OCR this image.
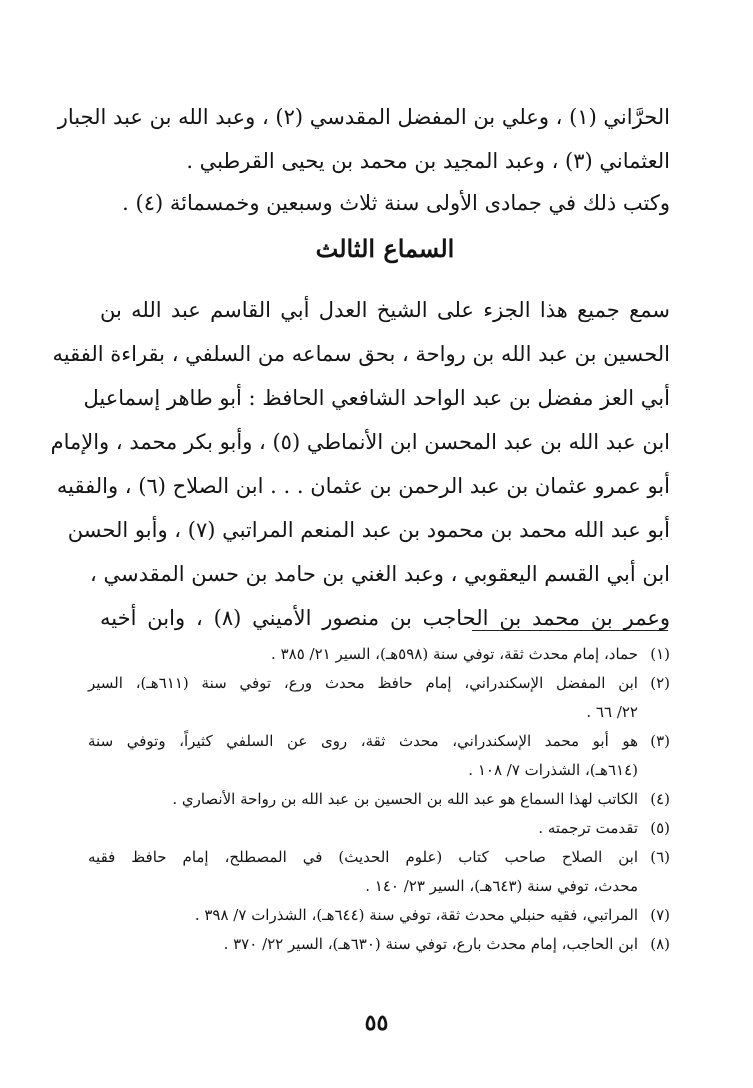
الحرَّاني (١) ، وعلي بن المفضل المقدسي (٢) ، وعبد الله بن عبد الجبار
العثماني (٣) ، وعبد المجيد بن محمد بن يحيى القرطبي .
وكتب ذلك في جمادى الأولى سنة ثلاث وسبعين وخمسمائة (٤) .
السماع الثالث
سمع جميع هذا الجزء على الشيخ العدل أبي القاسم عبد الله بن
الحسين بن عبد الله بن رواحة ، بحق سماعه من السلفي ، بقراءة الفقيه
أبي العز مفضل بن عبد الواحد الشافعي الحافظ : أبو طاهر إسماعيل
ابن عبد الله بن عبد المحسن ابن الأنماطي (٥) ، وأبو بكر محمد ، والإمام
أبو عمرو عثمان بن عبد الرحمن بن عثمان . . . ابن الصلاح (٦) ، والفقيه
أبو عبد الله محمد بن محمود بن عبد المنعم المراتبي (٧) ، وأبو الحسن
ابن أبي القسم اليعقوبي ، وعبد الغني بن حامد بن حسن المقدسي ،
وعمر بن محمد بن الحاجب بن منصور الأميني (٨) ، وابن أخيه
(١)
حماد، إمام محدث ثقة، توفي سنة (٥٩٨هـ)، السير ٢١/ ٣٨٥ .
(٢)
ابن المفضل الإسكندراني، إمام حافظ محدث ورع، توفي سنة (٦١١هـ)، السير
٢٢/ ٦٦ .
(٣)
هو أبو محمد الإسكندراني، محدث ثقة، روى عن السلفي كثيراً، وتوفي سنة
(٦١٤هـ)، الشذرات ٧/ ١٠٨ .
(٤)
الكاتب لهذا السماع هو عبد الله بن الحسين بن عبد الله بن رواحة الأنصاري .
(٥)
تقدمت ترجمته .
(٦)
ابن الصلاح صاحب كتاب (علوم الحديث) في المصطلح، إمام حافظ فقيه
محدث، توفي سنة (٦٤٣هـ)، السير ٢٣/ ١٤٠ .
(٧)
المراتبي، فقيه حنبلي محدث ثقة، توفي سنة (٦٤٤هـ)، الشذرات ٧/ ٣٩٨ .
(٨)
ابن الحاجب، إمام محدث بارع، توفي سنة (٦٣٠هـ)، السير ٢٢/ ٣٧٠ .
٥٥
